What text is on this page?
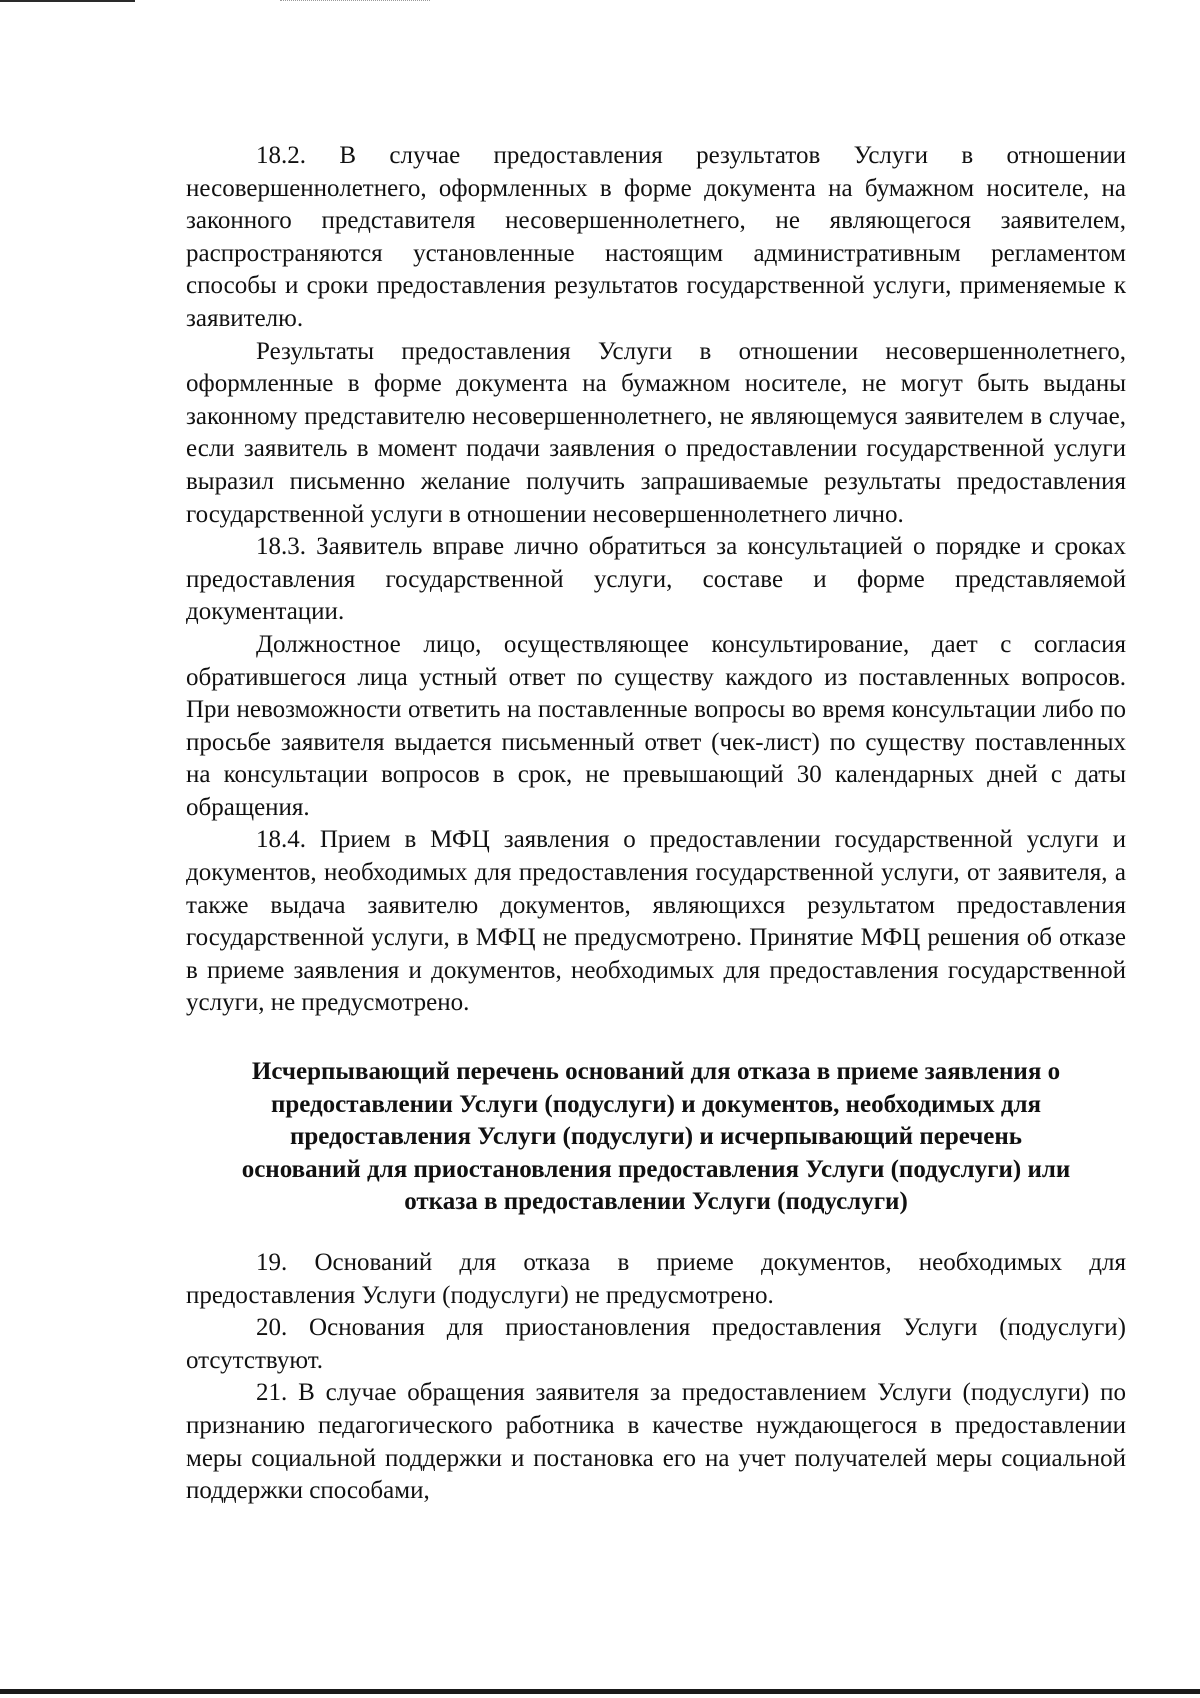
18.2. В случае предоставления результатов Услуги в отношении несовершеннолетнего, оформленных в форме документа на бумажном носителе, на законного представителя несовершеннолетнего, не являющегося заявителем, распространяются установленные настоящим административным регламентом способы и сроки предоставления результатов государственной услуги, применяемые к заявителю.

Результаты предоставления Услуги в отношении несовершеннолетнего, оформленные в форме документа на бумажном носителе, не могут быть выданы законному представителю несовершеннолетнего, не являющемуся заявителем в случае, если заявитель в момент подачи заявления о предоставлении государственной услуги выразил письменно желание получить запрашиваемые результаты предоставления государственной услуги в отношении несовершеннолетнего лично.

18.3. Заявитель вправе лично обратиться за консультацией о порядке и сроках предоставления государственной услуги, составе и форме представляемой документации.

Должностное лицо, осуществляющее консультирование, дает с согласия обратившегося лица устный ответ по существу каждого из поставленных вопросов. При невозможности ответить на поставленные вопросы во время консультации либо по просьбе заявителя выдается письменный ответ (чек-лист) по существу поставленных на консультации вопросов в срок, не превышающий 30 календарных дней с даты обращения.

18.4. Прием в МФЦ заявления о предоставлении государственной услуги и документов, необходимых для предоставления государственной услуги, от заявителя, а также выдача заявителю документов, являющихся результатом предоставления государственной услуги, в МФЦ не предусмотрено. Принятие МФЦ решения об отказе в приеме заявления и документов, необходимых для предоставления государственной услуги, не предусмотрено.

Исчерпывающий перечень оснований для отказа в приеме заявления о
предоставлении Услуги (подуслуги) и документов, необходимых для
предоставления Услуги (подуслуги) и исчерпывающий перечень
оснований для приостановления предоставления Услуги (подуслуги) или
отказа в предоставлении Услуги (подуслуги)

19. Оснований для отказа в приеме документов, необходимых для предоставления Услуги (подуслуги) не предусмотрено.

20. Основания для приостановления предоставления Услуги (подуслуги) отсутствуют.

21. В случае обращения заявителя за предоставлением Услуги (подуслуги) по признанию педагогического работника в качестве нуждающегося в предоставлении меры социальной поддержки и постановка его на учет получателей меры социальной поддержки способами,
